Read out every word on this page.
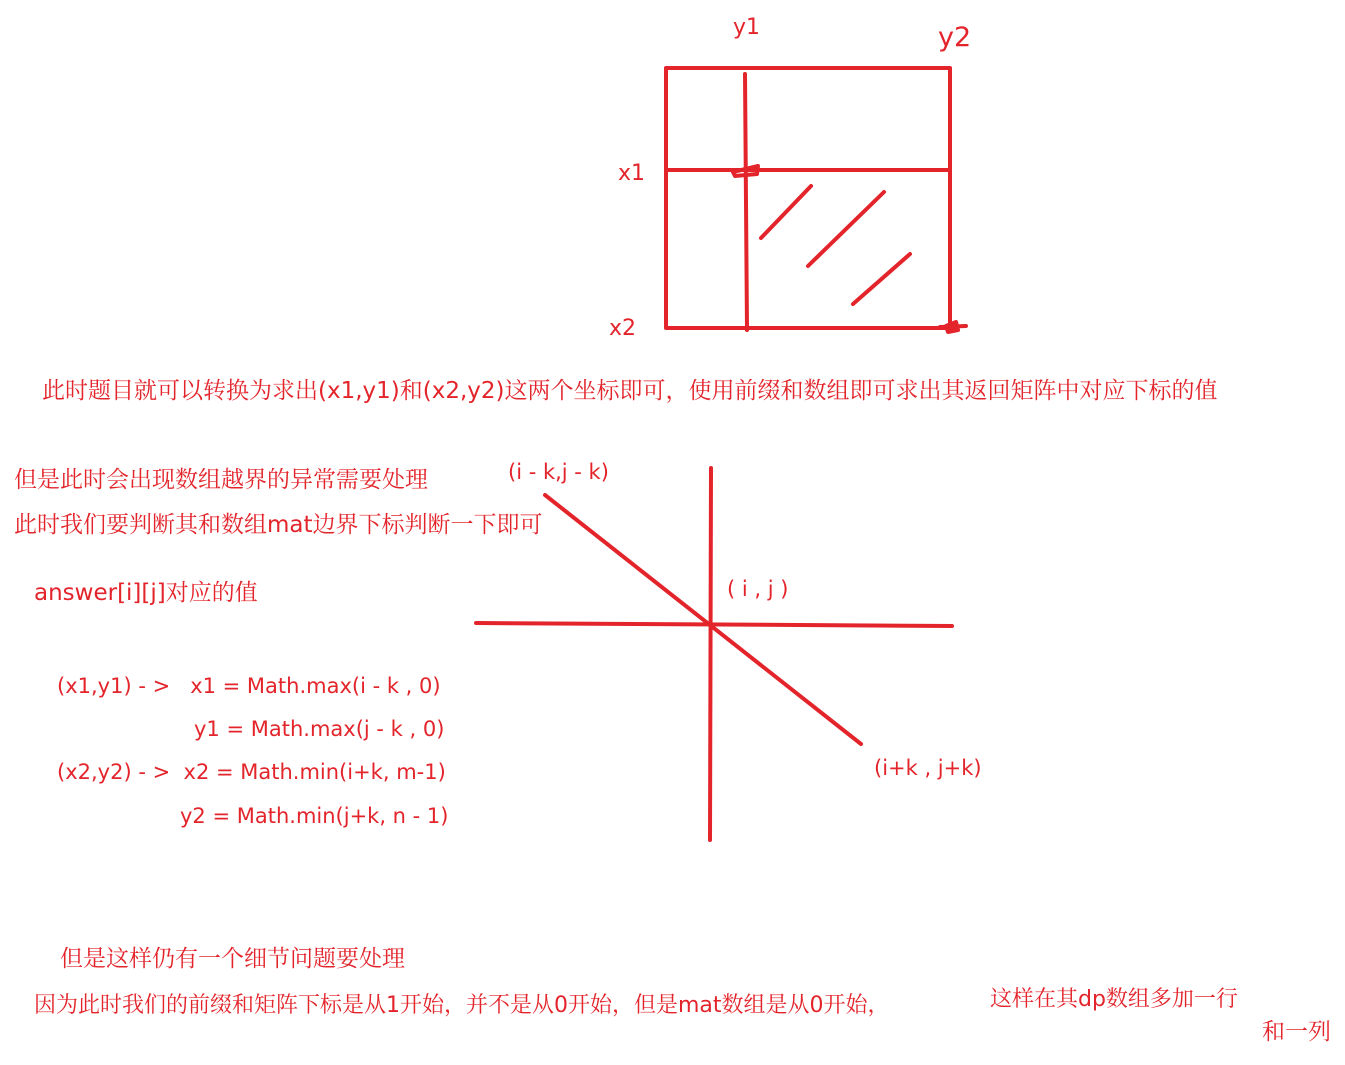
y1	y2
x1
x2
此时题目就可以转换为求出(x1,y1)和(x2,y2)这两个坐标即可，使用前缀和数组即可求出其返回矩阵中对应下标的值
但是此时会出现数组越界的异常需要处理
此时我们要判断其和数组mat边界下标判断一下即可
answer[i][j]对应的值
(x1,y1) - >   x1 = Math.max(i - k , 0)
y1 = Math.max(j - k , 0)
(x2,y2) - >  x2 = Math.min(i+k, m-1)
y2 = Math.min(j+k, n - 1)
(i - k,j - k)
( i , j )
(i+k , j+k)
但是这样仍有一个细节问题要处理
因为此时我们的前缀和矩阵下标是从1开始，并不是从0开始，但是mat数组是从0开始，	这样在其dp数组多加一行
和一列
